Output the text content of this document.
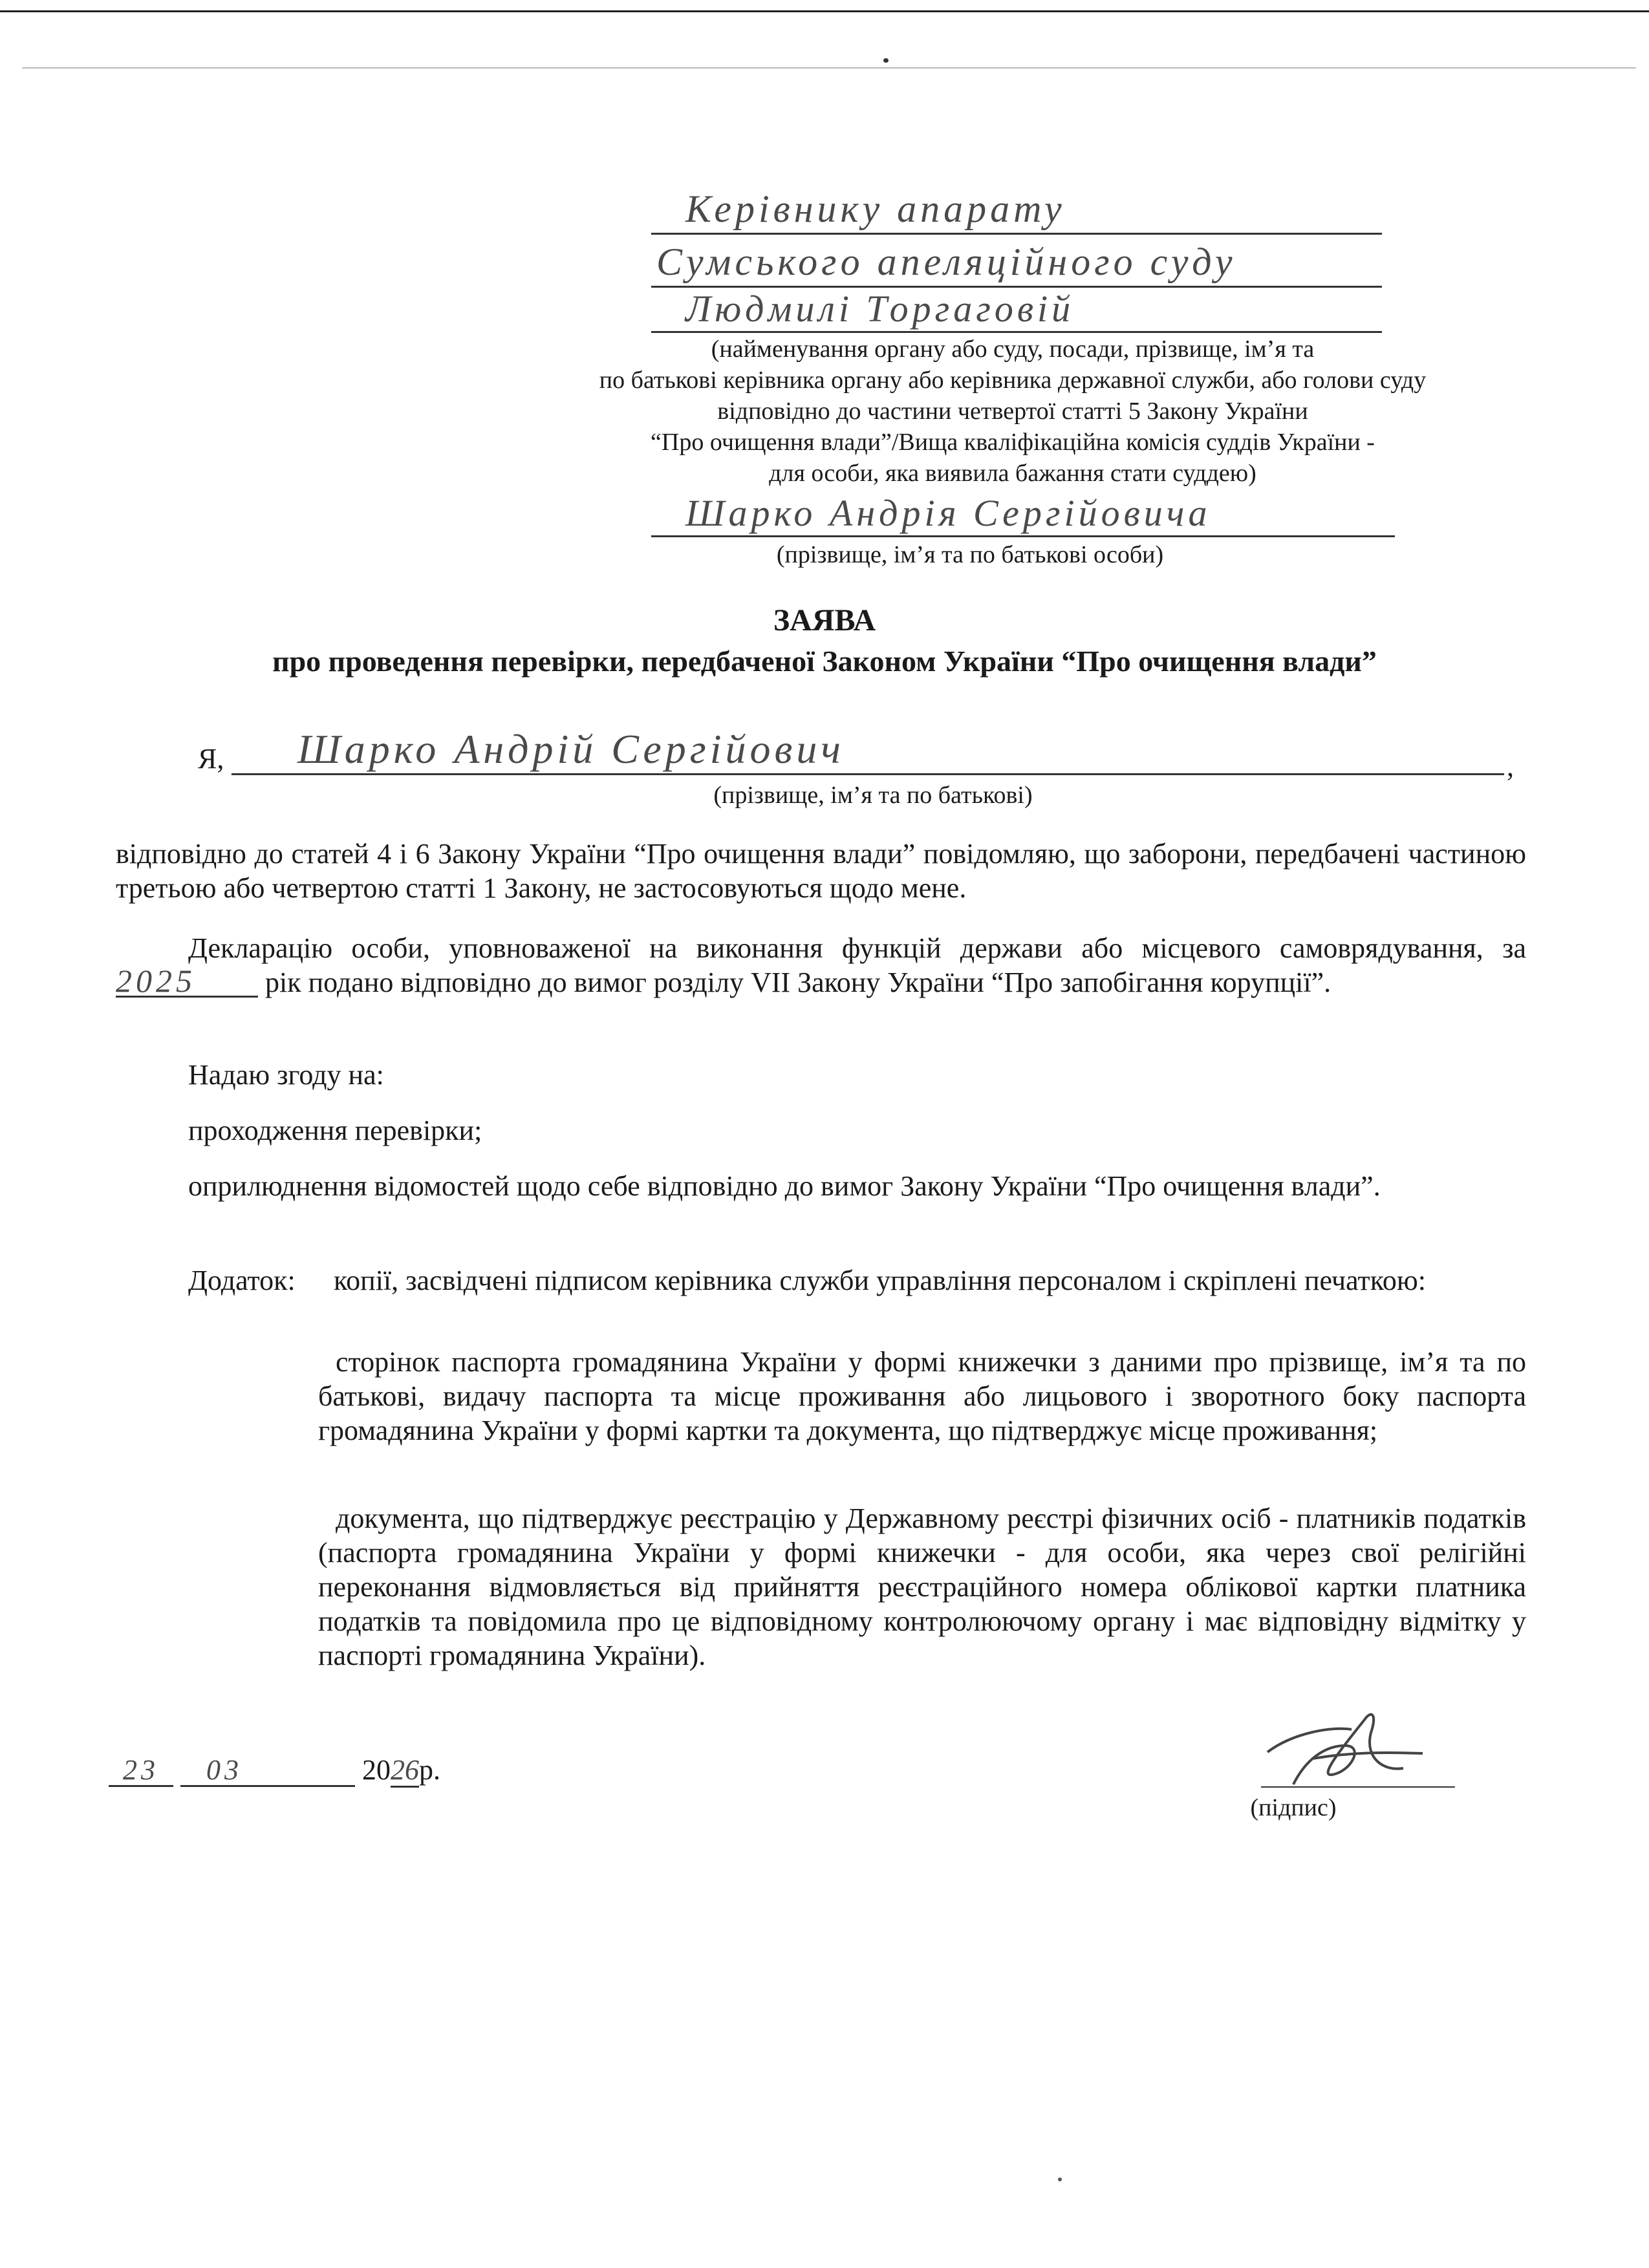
Керівнику апарату
Сумського апеляційного суду
Людмилі Торгаговій
(найменування органу або суду, посади, прізвище, ім’я та
по батькові керівника органу або керівника державної служби, або голови суду
відповідно до частини четвертої статті 5 Закону України
“Про очищення влади”/Вища кваліфікаційна комісія суддів України -
для особи, яка виявила бажання стати суддею)
Шарко Андрія Сергійовича
(прізвище, ім’я та по батькові особи)
ЗАЯВА
про проведення перевірки, передбаченої Законом України “Про очищення влади”
Я, Шарко Андрій Сергійович	,
(прізвище, ім’я та по батькові)
відповідно до статей 4 і 6 Закону України “Про очищення влади” повідомляю, що заборони, передбачені частиною третьою або четвертою статті 1 Закону, не застосовуються щодо мене.
Декларацію особи, уповноваженої на виконання функцій держави або місцевого самоврядування, за 2025 рік подано відповідно до вимог розділу VII Закону України “Про запобігання корупції”.
Надаю згоду на:
проходження перевірки;
оприлюднення відомостей щодо себе відповідно до вимог Закону України “Про очищення влади”.
Додаток:	копії, засвідчені підписом керівника служби управління персоналом і скріплені печаткою:
сторінок паспорта громадянина України у формі книжечки з даними про прізвище, ім’я та по батькові, видачу паспорта та місце проживання або лицьового і зворотного боку паспорта громадянина України у формі картки та документа, що підтверджує місце проживання;
документа, що підтверджує реєстрацію у Державному реєстрі фізичних осіб - платників податків (паспорта громадянина України у формі книжечки - для особи, яка через свої релігійні переконання відмовляється від прийняття реєстраційного номера облікової картки платника податків та повідомила про це відповідному контролюючому органу і має відповідну відмітку у паспорті громадянина України).
23 03	2026р.
(підпис)
